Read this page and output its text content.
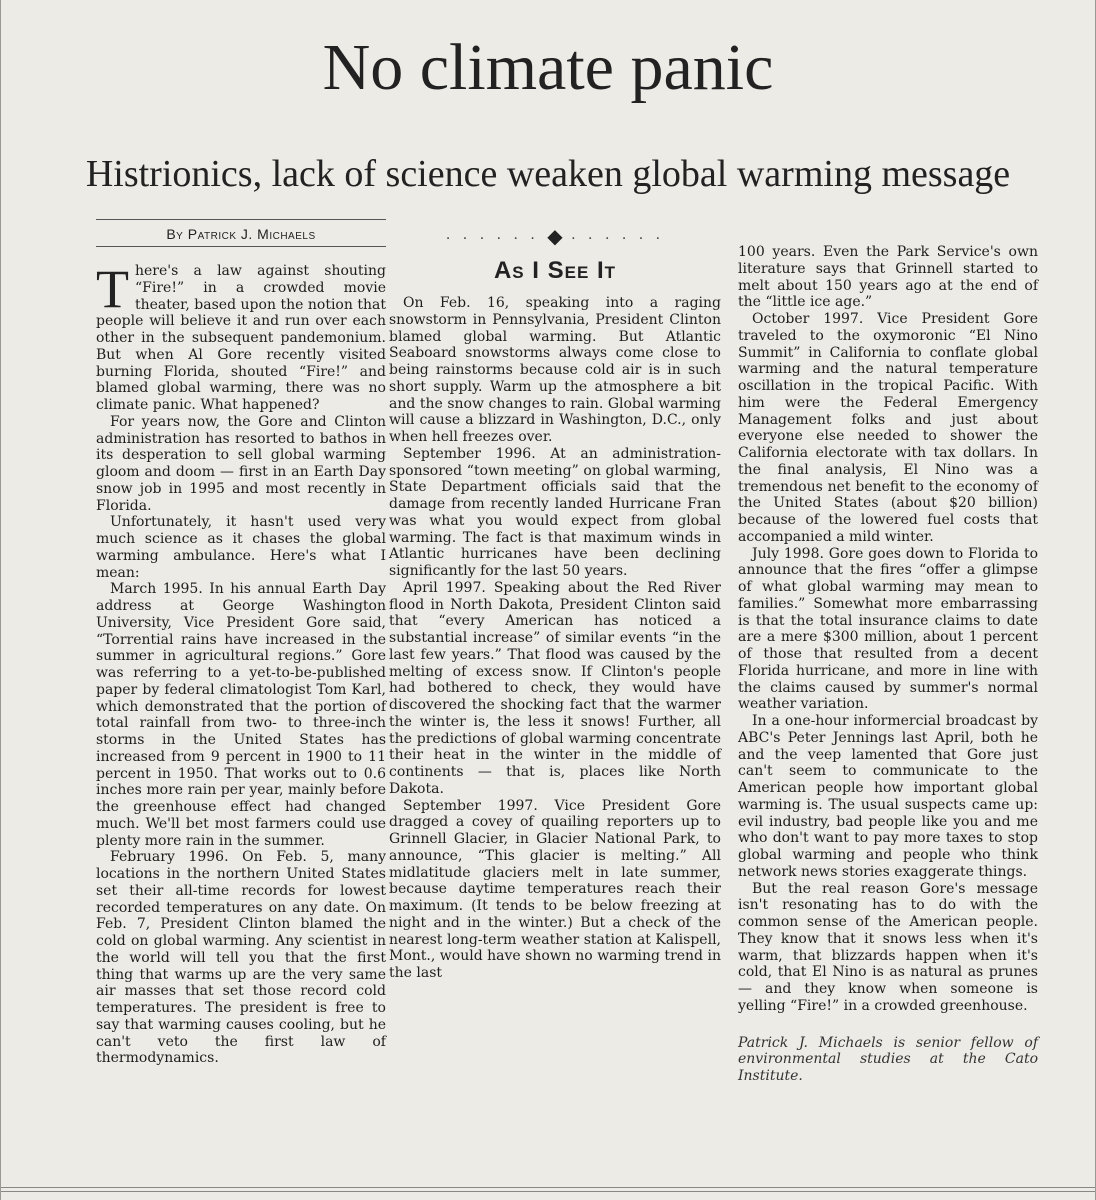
No climate panic
Histrionics, lack of science weaken global warming message
By Patrick J. Michaels

There's a law against shouting “Fire!” in a crowded movie theater, based upon the notion that people will believe it and run over each other in the subsequent pandemonium. But when Al Gore recently visited burning Florida, shouted “Fire!” and blamed global warming, there was no climate panic. What happened?

For years now, the Gore and Clinton administration has resorted to bathos in its desperation to sell global warming gloom and doom — first in an Earth Day snow job in 1995 and most recently in Florida.

Unfortunately, it hasn't used very much science as it chases the global warming ambulance. Here's what I mean:

March 1995. In his annual Earth Day address at George Washington University, Vice President Gore said, “Torrential rains have increased in the summer in agricultural regions.” Gore was referring to a yet-to-be-published paper by federal climatologist Tom Karl, which demonstrated that the portion of total rainfall from two- to three-inch storms in the United States has increased from 9 percent in 1900 to 11 percent in 1950. That works out to 0.6 inches more rain per year, mainly before the greenhouse effect had changed much. We'll bet most farmers could use plenty more rain in the summer.

February 1996. On Feb. 5, many locations in the northern United States set their all-time records for lowest recorded temperatures on any date. On Feb. 7, President Clinton blamed the cold on global warming. Any scientist in the world will tell you that the first thing that warms up are the very same air masses that set those record cold temperatures. The president is free to say that warming causes cooling, but he can't veto the first law of thermodynamics.

· · · · · · ◆ · · · · · ·
As I See It

On Feb. 16, speaking into a raging snowstorm in Pennsylvania, President Clinton blamed global warming. But Atlantic Seaboard snowstorms always come close to being rainstorms because cold air is in such short supply. Warm up the atmosphere a bit and the snow changes to rain. Global warming will cause a blizzard in Washington, D.C., only when hell freezes over.

September 1996. At an administration-sponsored “town meeting” on global warming, State Department officials said that the damage from recently landed Hurricane Fran was what you would expect from global warming. The fact is that maximum winds in Atlantic hurricanes have been declining significantly for the last 50 years.

April 1997. Speaking about the Red River flood in North Dakota, President Clinton said that “every American has noticed a substantial increase” of similar events “in the last few years.” That flood was caused by the melting of excess snow. If Clinton's people had bothered to check, they would have discovered the shocking fact that the warmer the winter is, the less it snows! Further, all the predictions of global warming concentrate their heat in the winter in the middle of continents — that is, places like North Dakota.

September 1997. Vice President Gore dragged a covey of quailing reporters up to Grinnell Glacier, in Glacier National Park, to announce, “This glacier is melting.” All midlatitude glaciers melt in late summer, because daytime temperatures reach their maximum. (It tends to be below freezing at night and in the winter.) But a check of the nearest long-term weather station at Kalispell, Mont., would have shown no warming trend in the last

100 years. Even the Park Service's own literature says that Grinnell started to melt about 150 years ago at the end of the “little ice age.”

October 1997. Vice President Gore traveled to the oxymoronic “El Nino Summit” in California to conflate global warming and the natural temperature oscillation in the tropical Pacific. With him were the Federal Emergency Management folks and just about everyone else needed to shower the California electorate with tax dollars. In the final analysis, El Nino was a tremendous net benefit to the economy of the United States (about $20 billion) because of the lowered fuel costs that accompanied a mild winter.

July 1998. Gore goes down to Florida to announce that the fires “offer a glimpse of what global warming may mean to families.” Somewhat more embarrassing is that the total insurance claims to date are a mere $300 million, about 1 percent of those that resulted from a decent Florida hurricane, and more in line with the claims caused by summer's normal weather variation.

In a one-hour informercial broadcast by ABC's Peter Jennings last April, both he and the veep lamented that Gore just can't seem to communicate to the American people how important global warming is. The usual suspects came up: evil industry, bad people like you and me who don't want to pay more taxes to stop global warming and people who think network news stories exaggerate things.

But the real reason Gore's message isn't resonating has to do with the common sense of the American people. They know that it snows less when it's warm, that blizzards happen when it's cold, that El Nino is as natural as prunes — and they know when someone is yelling “Fire!” in a crowded greenhouse.

Patrick J. Michaels is senior fellow of environmental studies at the Cato Institute.
